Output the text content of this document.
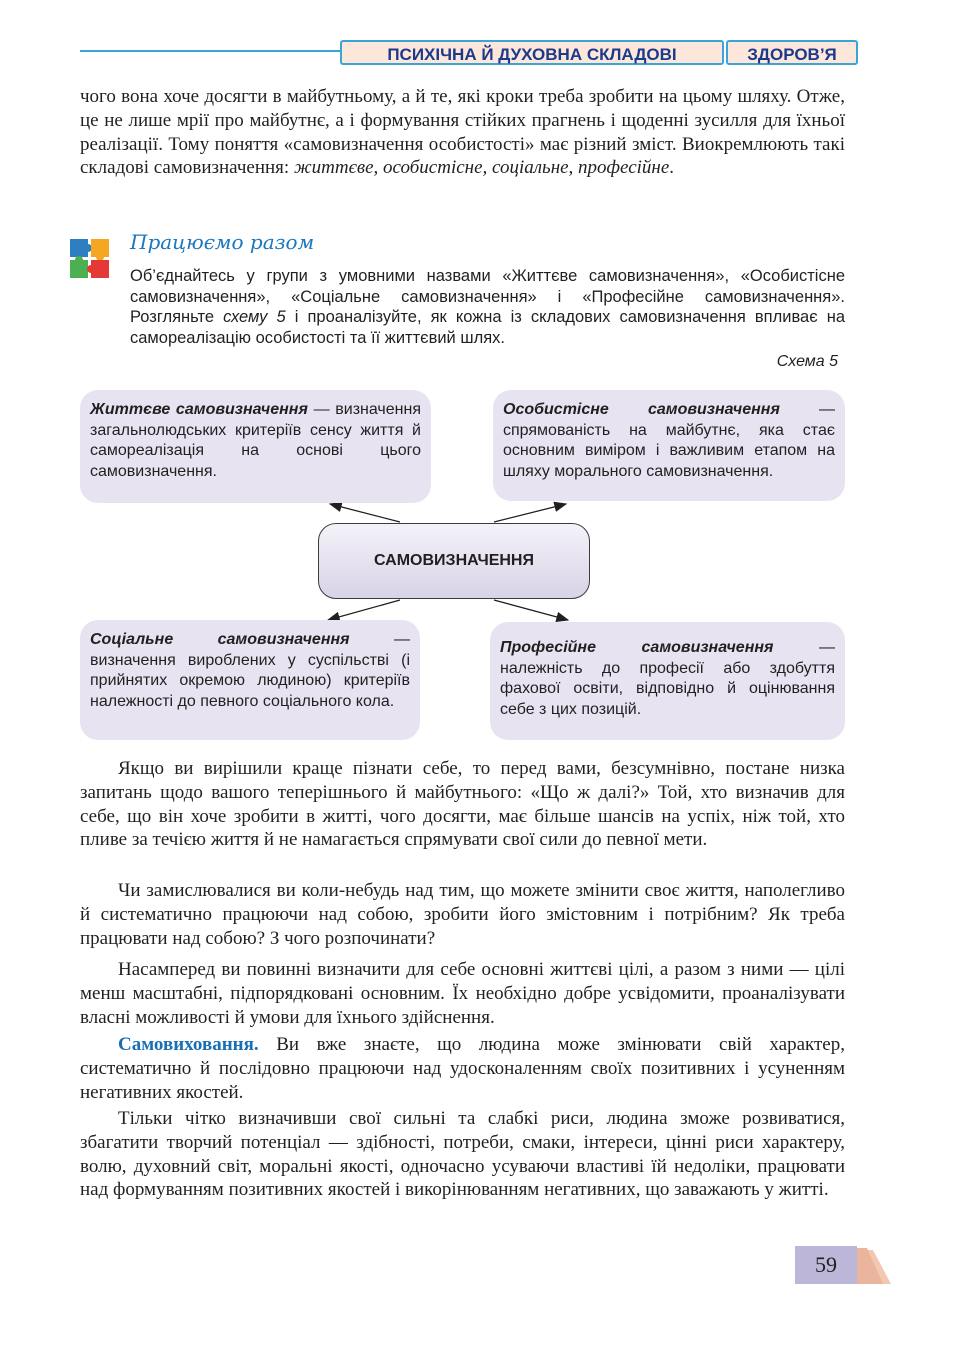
ПСИХІЧНА Й ДУХОВНА СКЛАДОВІ	ЗДОРОВ’Я

чого вона хоче досягти в майбутньому, а й те, які кроки треба зробити на цьому шляху. Отже, це не лише мрії про майбутнє, а і формування стійких прагнень і щоденні зусилля для їхньої реалізації. Тому поняття «самовизначення особистості» має різний зміст. Виокремлюють такі складові самовизначення: життєве, особистісне, соціальне, професійне.

Працюємо разом

Об’єднайтесь у групи з умовними назвами «Життєве самовизначення», «Особистісне самовизначення», «Соціальне самовизначення» і «Професійне самовизначення». Розгляньте схему 5 і проаналізуйте, як кожна із складових самовизначення впливає на самореалізацію особистості та її життєвий шлях.

Схема 5
Життєве самовизначення — визначення загальнолюдських критеріїв сенсу життя й самореалізація на основі цього самовизначення.
Особистісне самовизначення — спрямованість на майбутнє, яка стає основним виміром і важливим етапом на шляху морального самовизначення.
САМОВИЗНАЧЕННЯ
Соціальне самовизначення — визначення вироблених у суспільстві (і прийнятих окремою людиною) критеріїв належності до певного соціального кола.
Професійне самовизначення — належність до професії або здобуття фахової освіти, відповідно й оцінювання себе з цих позицій.

Якщо ви вирішили краще пізнати себе, то перед вами, безсумнівно, постане низка запитань щодо вашого теперішнього й майбутнього: «Що ж далі?» Той, хто визначив для себе, що він хоче зробити в житті, чого досягти, має більше шансів на успіх, ніж той, хто пливе за течією життя й не намагається спрямувати свої сили до певної мети.

Чи замислювалися ви коли-небудь над тим, що можете змінити своє життя, наполегливо й систематично працюючи над собою, зробити його змістовним і потрібним? Як треба працювати над собою? З чого розпочинати?

Насамперед ви повинні визначити для себе основні життєві цілі, а разом з ними — цілі менш масштабні, підпорядковані основним. Їх необхідно добре усвідомити, проаналізувати власні можливості й умови для їхнього здійснення.

Самовиховання. Ви вже знаєте, що людина може змінювати свій характер, систематично й послідовно працюючи над удосконаленням своїх позитивних і усуненням негативних якостей.

Тільки чітко визначивши свої сильні та слабкі риси, людина зможе розвиватися, збагатити творчий потенціал — здібності, потреби, смаки, інтереси, цінні риси характеру, волю, духовний світ, моральні якості, одночасно усуваючи властиві їй недоліки, працювати над формуванням позитивних якостей і викорінюванням негативних, що заважають у житті.

59
